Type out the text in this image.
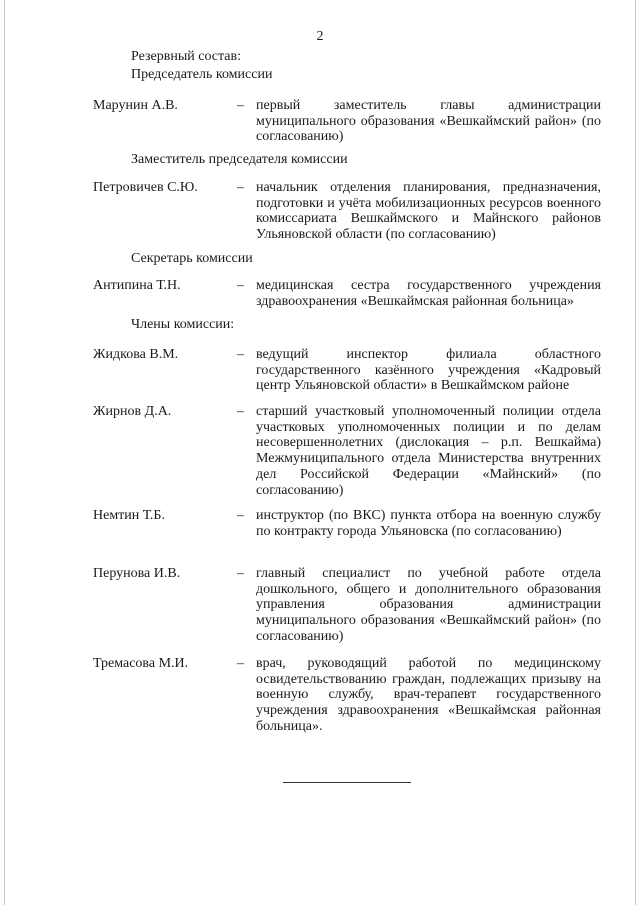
2
Резервный состав:
Председатель комиссии
Марунин А.В.	– первый заместитель главы администрации муниципального образования «Вешкаймский район» (по согласованию)
Заместитель председателя комиссии
Петровичев С.Ю.	– начальник отделения планирования, предназначения, подготовки и учёта мобилизационных ресурсов военного комиссариата Вешкаймского и Майнского районов Ульяновской области (по согласованию)
Секретарь комиссии
Антипина Т.Н.	– медицинская сестра государственного учреждения здравоохранения «Вешкаймская районная больница»
Члены комиссии:
Жидкова В.М.	– ведущий инспектор филиала областного государственного казённого учреждения «Кадровый центр Ульяновской области» в Вешкаймском районе
Жирнов Д.А.	– старший участковый уполномоченный полиции отдела участковых уполномоченных полиции и по делам несовершеннолетних (дислокация – р.п. Вешкайма) Межмуниципального отдела Министерства внутренних дел Российской Федерации «Майнский» (по согласованию)
Немтин Т.Б.	– инструктор (по ВКС) пункта отбора на военную службу по контракту города Ульяновска (по согласованию)
Перунова И.В.	– главный специалист по учебной работе отдела дошкольного, общего и дополнительного образования управления образования администрации муниципального образования «Вешкаймский район» (по согласованию)
Тремасова М.И.	– врач, руководящий работой по медицинскому освидетельствованию граждан, подлежащих призыву на военную службу, врач-терапевт государственного учреждения здравоохранения «Вешкаймская районная больница».
